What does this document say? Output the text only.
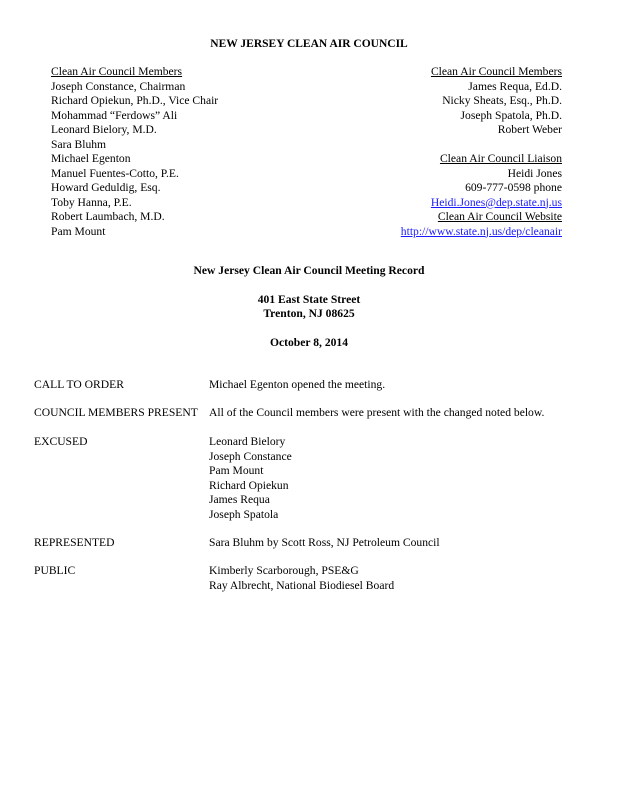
NEW JERSEY CLEAN AIR COUNCIL
Clean Air Council Members
Joseph Constance, Chairman
Richard Opiekun, Ph.D., Vice Chair
Mohammad “Ferdows” Ali
Leonard Bielory, M.D.
Sara Bluhm
Michael Egenton
Manuel Fuentes-Cotto, P.E.
Howard Geduldig, Esq.
Toby Hanna, P.E.
Robert Laumbach, M.D.
Pam Mount
Clean Air Council Members
James Requa, Ed.D.
Nicky Sheats, Esq., Ph.D.
Joseph Spatola, Ph.D.
Robert Weber
Clean Air Council Liaison
Heidi Jones
609-777-0598 phone
Heidi.Jones@dep.state.nj.us
Clean Air Council Website
http://www.state.nj.us/dep/cleanair
New Jersey Clean Air Council Meeting Record
401 East State Street
Trenton, NJ 08625
October 8, 2014
CALL TO ORDER	Michael Egenton opened the meeting.
COUNCIL MEMBERS PRESENT All of the Council members were present with the changed noted below.
EXCUSED	Leonard Bielory
Joseph Constance
Pam Mount
Richard Opiekun
James Requa
Joseph Spatola
REPRESENTED	Sara Bluhm by Scott Ross, NJ Petroleum Council
PUBLIC	Kimberly Scarborough, PSE&G
Ray Albrecht, National Biodiesel Board
